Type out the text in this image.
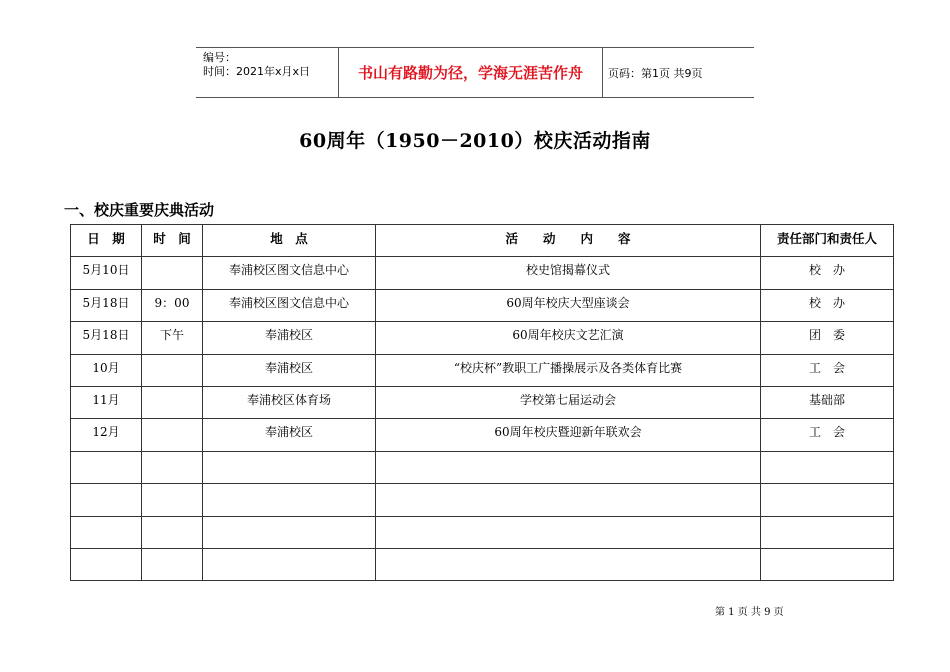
编号：
时间：2021年x月x日	书山有路勤为径，学海无涯苦作舟	页码：第1页 共9页
60周年（1950－2010）校庆活动指南
一、校庆重要庆典活动
日　期	时　间	地　点	活　　动　　内　　容	责任部门和责任人
5月10日		奉浦校区图文信息中心	校史馆揭幕仪式	校　办
5月18日	9：00	奉浦校区图文信息中心	60周年校庆大型座谈会	校　办
5月18日	下午	奉浦校区	60周年校庆文艺汇演	团　委
10月		奉浦校区	“校庆杯”教职工广播操展示及各类体育比赛	工　会
11月		奉浦校区体育场	学校第七届运动会	基础部
12月		奉浦校区	60周年校庆暨迎新年联欢会	工　会

第 1 页 共 9 页
